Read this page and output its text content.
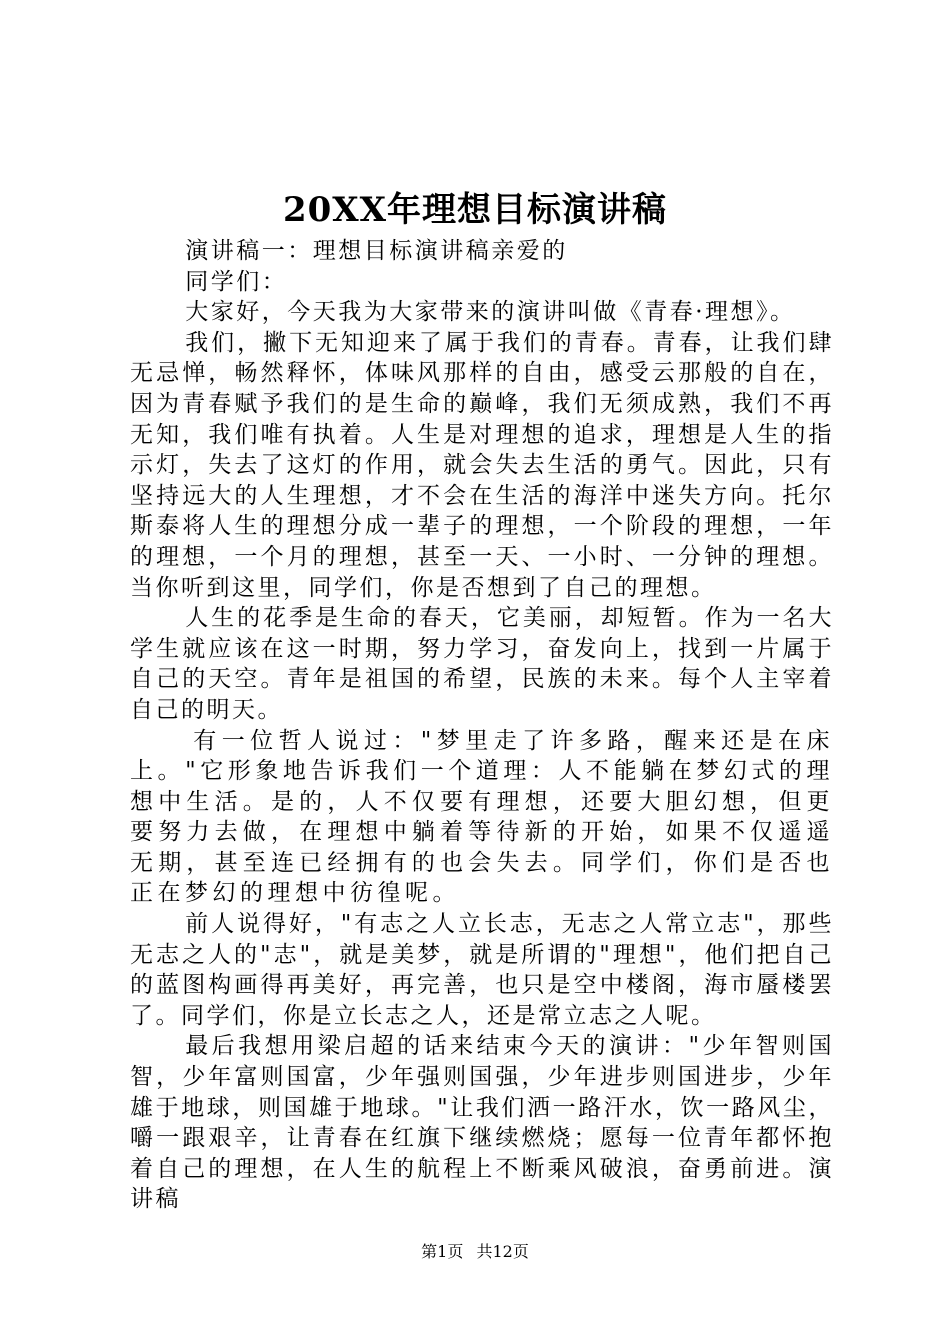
20XX年理想目标演讲稿

演讲稿一：理想目标演讲稿亲爱的

同学们：

大家好，今天我为大家带来的演讲叫做《青春·理想》。

我们，撇下无知迎来了属于我们的青春。青春，让我们肆无忌惮，畅然释怀，体味风那样的自由，感受云那般的自在，因为青春赋予我们的是生命的巅峰，我们无须成熟，我们不再无知，我们唯有执着。人生是对理想的追求，理想是人生的指示灯，失去了这灯的作用，就会失去生活的勇气。因此，只有坚持远大的人生理想，才不会在生活的海洋中迷失方向。托尔斯泰将人生的理想分成一辈子的理想，一个阶段的理想，一年的理想，一个月的理想，甚至一天、一小时、一分钟的理想。当你听到这里，同学们，你是否想到了自己的理想。

人生的花季是生命的春天，它美丽，却短暂。作为一名大学生就应该在这一时期，努力学习，奋发向上，找到一片属于自己的天空。青年是祖国的希望，民族的未来。每个人主宰着自己的明天。

有一位哲人说过："梦里走了许多路，醒来还是在床上。"它形象地告诉我们一个道理：人不能躺在梦幻式的理想中生活。是的，人不仅要有理想，还要大胆幻想，但更要努力去做，在理想中躺着等待新的开始，如果不仅遥遥无期，甚至连已经拥有的也会失去。同学们，你们是否也正在梦幻的理想中彷徨呢。

前人说得好，"有志之人立长志，无志之人常立志"，那些无志之人的"志"，就是美梦，就是所谓的"理想"，他们把自己的蓝图构画得再美好，再完善，也只是空中楼阁，海市蜃楼罢了。同学们，你是立长志之人，还是常立志之人呢。

最后我想用梁启超的话来结束今天的演讲："少年智则国智，少年富则国富，少年强则国强，少年进步则国进步，少年雄于地球，则国雄于地球。"让我们洒一路汗水，饮一路风尘，嚼一跟艰辛，让青春在红旗下继续燃烧；愿每一位青年都怀抱着自己的理想，在人生的航程上不断乘风破浪，奋勇前进。演讲稿

第1页 共12页
